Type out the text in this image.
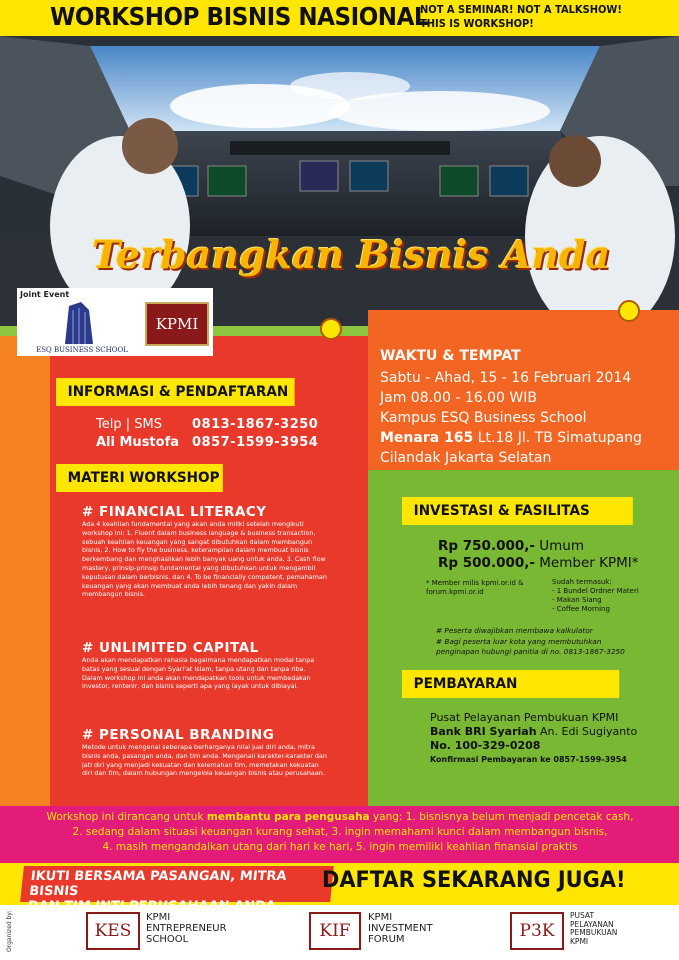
WORKSHOP BISNIS NASIONAL
NOT A SEMINAR! NOT A TALKSHOW!
THIS IS WORKSHOP!
Terbangkan Bisnis Anda
Joint Event
ESQ BUSINESS SCHOOL
KPMI
INFORMASI & PENDAFTARAN
Telp | SMS 0813-1867-3250
Ali Mustofa 0857-1599-3954
MATERI WORKSHOP
# FINANCIAL LITERACY
Ada 4 keahlian fundamental yang akan anda miliki setelah mengikuti workshop ini: 1. Fluent dalam business language & business transaction, sebuah keahlian keuangan yang sangat dibutuhkan dalam membangun bisnis, 2. How to fly the business, keterampilan dalam membuat bisnis berkembang dan menghasilkan lebih banyak uang untuk anda, 3. Cash flow mastery, prinsip-prinsip fundamental yang dibutuhkan untuk mengambil keputusan dalam berbisnis, dan 4. To be financially competent, pemahaman keuangan yang akan membuat anda lebih tenang dan yakin dalam membangun bisnis.
# UNLIMITED CAPITAL
Anda akan mendapatkan rahasia bagaimana mendapatkan modal tanpa batas yang sesuai dengan Syari'at Islam, tanpa utang dan tanpa riba. Dalam workshop ini anda akan mendapatkan tools untuk membedakan investor, rentenir, dan bisnis seperti apa yang layak untuk dibiayai.
# PERSONAL BRANDING
Metode untuk mengenal seberapa berharganya nilai jual diri anda, mitra bisnis anda, pasangan anda, dan tim anda. Mengenali karakter-karakter dan jati diri yang menjadi kekuatan dan kelemahan tim, memetakan kekuatan diri dan tim, dalam hubungan mengelola keuangan bisnis atau perusahaan.
WAKTU & TEMPAT
Sabtu - Ahad, 15 - 16 Februari 2014
Jam 08.00 - 16.00 WIB
Kampus ESQ Business School
Menara 165 Lt.18 Jl. TB Simatupang
Cilandak Jakarta Selatan
INVESTASI & FASILITAS
Rp 750.000,- Umum
Rp 500.000,- Member KPMI*
* Member milis kpmi.or.id & forum.kpmi.or.id
Sudah termasuk:
- 1 Bundel Ordner Materi
- Makan Siang
- Coffee Morning
# Peserta diwajibkan membawa kalkulator
# Bagi peserta luar kota yang membutuhkan
penginapan hubungi panitia di no. 0813-1867-3250
PEMBAYARAN
Pusat Pelayanan Pembukuan KPMI
Bank BRI Syariah An. Edi Sugiyanto
No. 100-329-0208
Konfirmasi Pembayaran ke 0857-1599-3954
Workshop ini dirancang untuk membantu para pengusaha yang: 1. bisnisnya belum menjadi pencetak cash,
2. sedang dalam situasi keuangan kurang sehat, 3. ingin memahami kunci dalam membangun bisnis,
4. masih mengandalkan utang dari hari ke hari, 5. ingin memiliki keahlian finansial praktis
IKUTI BERSAMA PASANGAN, MITRA BISNIS	DAFTAR SEKARANG JUGA!
Organized by:	KES
KPMI
ENTREPRENEUR
SCHOOL	KIF
KPMI
INVESTMENT
FORUM	P3K
PUSAT
PELAYANAN
PEMBUKUAN
KPMI
